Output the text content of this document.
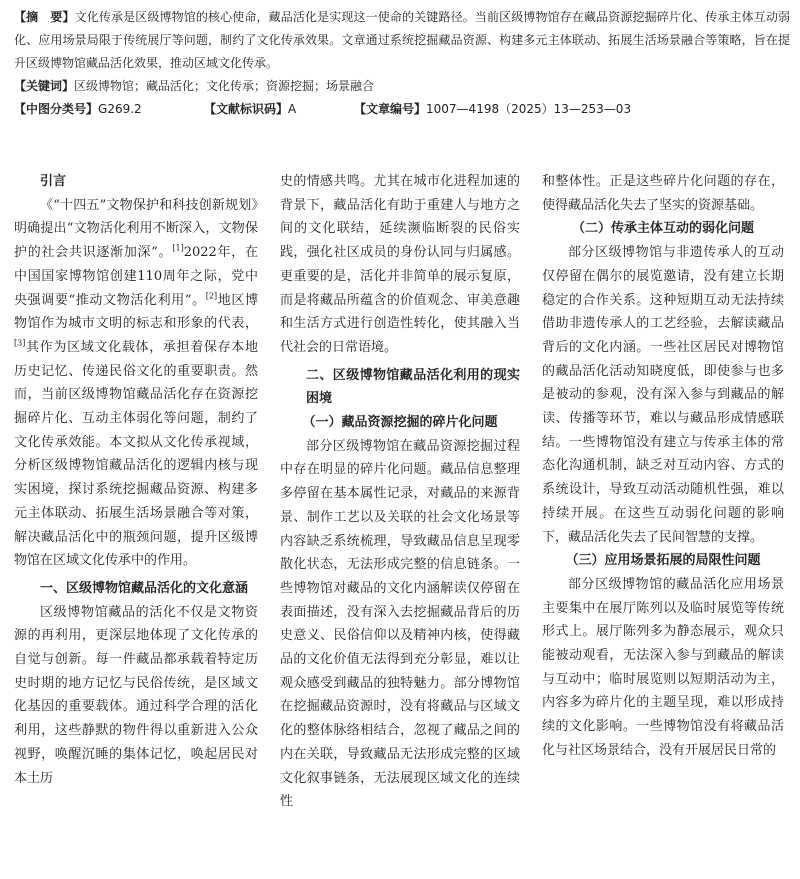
【摘　要】文化传承是区级博物馆的核心使命，藏品活化是实现这一使命的关键路径。当前区级博物馆存在藏品资源挖掘碎片化、传承主体互动弱化、应用场景局限于传统展厅等问题，制约了文化传承效果。文章通过系统挖掘藏品资源、构建多元主体联动、拓展生活场景融合等策略，旨在提升区级博物馆藏品活化效果，推动区域文化传承。

【关键词】区级博物馆；藏品活化；文化传承；资源挖掘；场景融合

【中图分类号】G269.2	【文献标识码】A	【文章编号】1007—4198（2025）13—253—03

引言

《“十四五”文物保护和科技创新规划》明确提出“文物活化利用不断深入，文物保护的社会共识逐渐加深”。[1]2022年，在中国国家博物馆创建110周年之际，党中央强调要“推动文物活化利用”。[2]地区博物馆作为城市文明的标志和形象的代表，[3]其作为区域文化载体，承担着保存本地历史记忆、传递民俗文化的重要职责。然而，当前区级博物馆藏品活化存在资源挖掘碎片化、互动主体弱化等问题，制约了文化传承效能。本文拟从文化传承视域，分析区级博物馆藏品活化的逻辑内核与现实困境，探讨系统挖掘藏品资源、构建多元主体联动、拓展生活场景融合等对策，解决藏品活化中的瓶颈问题，提升区级博物馆在区域文化传承中的作用。

一、区级博物馆藏品活化的文化意涵

区级博物馆藏品的活化不仅是文物资源的再利用，更深层地体现了文化传承的自觉与创新。每一件藏品都承载着特定历史时期的地方记忆与民俗传统，是区域文化基因的重要载体。通过科学合理的活化利用，这些静默的物件得以重新进入公众视野，唤醒沉睡的集体记忆，唤起居民对本土历

史的情感共鸣。尤其在城市化进程加速的背景下，藏品活化有助于重建人与地方之间的文化联结，延续濒临断裂的民俗实践，强化社区成员的身份认同与归属感。更重要的是，活化并非简单的展示复原，而是将藏品所蕴含的价值观念、审美意趣和生活方式进行创造性转化，使其融入当代社会的日常语境。

二、区级博物馆藏品活化利用的现实困境

（一）藏品资源挖掘的碎片化问题

部分区级博物馆在藏品资源挖掘过程中存在明显的碎片化问题。藏品信息整理多停留在基本属性记录，对藏品的来源背景、制作工艺以及关联的社会文化场景等内容缺乏系统梳理，导致藏品信息呈现零散化状态，无法形成完整的信息链条。一些博物馆对藏品的文化内涵解读仅停留在表面描述，没有深入去挖掘藏品背后的历史意义、民俗信仰以及精神内核，使得藏品的文化价值无法得到充分彰显，难以让观众感受到藏品的独特魅力。部分博物馆在挖掘藏品资源时，没有将藏品与区域文化的整体脉络相结合，忽视了藏品之间的内在关联，导致藏品无法形成完整的区域文化叙事链条，无法展现区域文化的连续性

和整体性。正是这些碎片化问题的存在，使得藏品活化失去了坚实的资源基础。

（二）传承主体互动的弱化问题

部分区级博物馆与非遗传承人的互动仅停留在偶尔的展览邀请，没有建立长期稳定的合作关系。这种短期互动无法持续借助非遗传承人的工艺经验，去解读藏品背后的文化内涵。一些社区居民对博物馆的藏品活化活动知晓度低，即使参与也多是被动的参观，没有深入参与到藏品的解读、传播等环节，难以与藏品形成情感联结。一些博物馆没有建立与传承主体的常态化沟通机制，缺乏对互动内容、方式的系统设计，导致互动活动随机性强，难以持续开展。在这些互动弱化问题的影响下，藏品活化失去了民间智慧的支撑。

（三）应用场景拓展的局限性问题

部分区级博物馆的藏品活化应用场景主要集中在展厅陈列以及临时展览等传统形式上。展厅陈列多为静态展示，观众只能被动观看，无法深入参与到藏品的解读与互动中；临时展览则以短期活动为主，内容多为碎片化的主题呈现，难以形成持续的文化影响。一些博物馆没有将藏品活化与社区场景结合，没有开展居民日常的
